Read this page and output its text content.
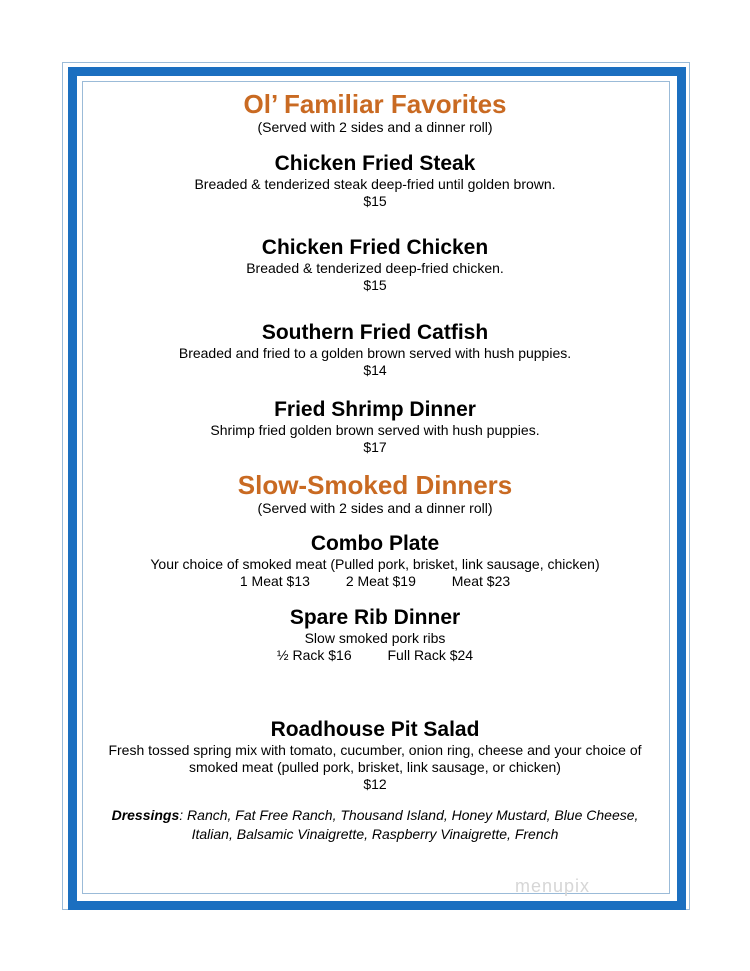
Ol’ Familiar Favorites
(Served with 2 sides and a dinner roll)
Chicken Fried Steak
Breaded & tenderized steak deep-fried until golden brown.
$15
Chicken Fried Chicken
Breaded & tenderized deep-fried chicken.
$15
Southern Fried Catfish
Breaded and fried to a golden brown served with hush puppies.
$14
Fried Shrimp Dinner
Shrimp fried golden brown served with hush puppies.
$17
Slow-Smoked Dinners
(Served with 2 sides and a dinner roll)
Combo Plate
Your choice of smoked meat (Pulled pork, brisket, link sausage, chicken)
1 Meat $13	2 Meat $19	Meat $23
Spare Rib Dinner
Slow smoked pork ribs
½ Rack $16	Full Rack $24
Roadhouse Pit Salad
Fresh tossed spring mix with tomato, cucumber, onion ring, cheese and your choice of
smoked meat (pulled pork, brisket, link sausage, or chicken)
$12
Dressings: Ranch, Fat Free Ranch, Thousand Island, Honey Mustard, Blue Cheese,
Italian, Balsamic Vinaigrette, Raspberry Vinaigrette, French
menupix
